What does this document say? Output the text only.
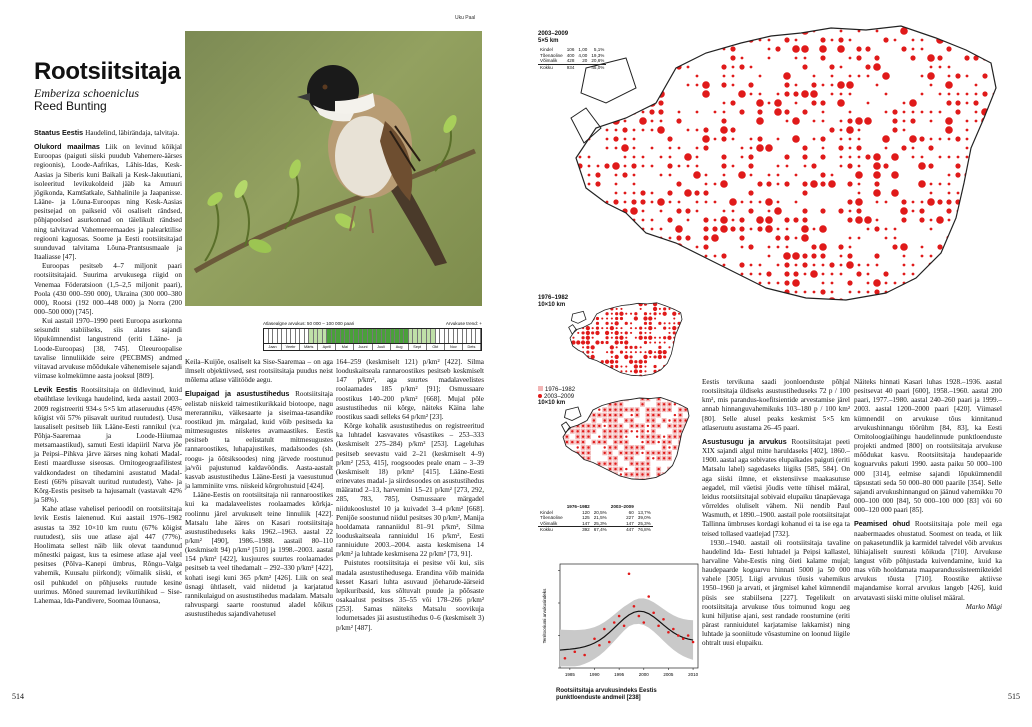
Uku Paal
Rootsiitsitaja
Emberiza schoeniclus
Reed Bunting
Atlasealgne arvukus: 50 000 – 100 000 paari	Arvukuse trend: +
Jaan	Veebr	Märts	Aprill	Mai	Juuni	Juuli	Aug	Sept	Okt	Nov	Dets

Staatus Eestis Haudelind, läbirändaja, talvitaja.

Olukord maailmas Liik on levinud kõikjal Euroopas (paiguti siiski puudub Vahemere-äärses regioonis), Loode-Aafrikas, Lähis-Idas, Kesk-Aasias ja Siberis kuni Baikali ja Kesk-Jakuutiani, isoleeritud levikukoldeid jääb ka Amuuri jõgikonda, Kamtšatkale, Sahhalinile ja Jaapanisse. Lääne- ja Lõuna-Euroopas ning Kesk-Aasias pesitsejad on paikseid või osaliselt rändsed, põhjapoolsed asurkonnad on täielikult rändsed ning talvitavad Vahemereemaades ja palearktilise regiooni kaguosas. Soome ja Eesti rootsiitsitajad suunduvad talvitama Lõuna-Prantsusmaale ja Itaaliasse [47].

Euroopas pesitseb 4–7 miljonit paari rootsiitsitajaid. Suurima arvukusega riigid on Venemaa Föderatsioon (1,5–2,5 miljonit paari), Poola (430 000–590 000), Ukraina (300 000–380 000), Rootsi (192 000–448 000) ja Norra (200 000–500 000) [745].

Kui aastail 1970–1990 peeti Euroopa asurkonna seisundit stabiilseks, siis alates sajandi lõpukümnendist langustrend (eriti Lääne- ja Loode-Euroopas) [38, 745]. Üleeuroopalise tavalise linnuliikide seire (PECBMS) andmed viitavad arvukuse mõõdukale vähenemisele sajandi viimase kolmekümne aasta jooksul [809].

Levik Eestis Rootsiitsitaja on üldlevinud, kuid ebaühtlase levikuga haudelind, keda aastail 2003–2009 registreeriti 934-s 5×5 km atlaseruudus (45% kõigist või 57% piisavalt uuritud ruutudest). Uusa lausaliselt pesitseb liik Lääne-Eesti rannikul (v.a. Põhja-Saaremaa ja Loode-Hiiumaa metsamaastikud), samuti Eesti idapiiril Narva jõe ja Peipsi–Pihkva järve äärses ning kohati Madal-Eesti maardlusse siseosas. Ornitogeograafilistest valdkondadest on tihedamini asustatud Madal-Eesti (66% piisavalt uuritud ruutudest), Vahe- ja Kõrg-Eestis pesitseb ta hajusamalt (vastavalt 42% ja 58%).

Kahe atlase vahelisel perioodil on rootsiitsitaja levik Eestis laienenud. Kui aastail 1976–1982 asustas ta 392 10×10 km ruutu (67% kõigist ruutudest), siis uue atlase ajal 447 (77%). Hoolimata sellest näib liik olevat taandunud mõnestki paigast, kus ta esimese atlase ajal veel pesitses (Põlva–Kanepi ümbrus, Rõngu–Valga vahemik, Kuusalu piirkond); võimalik siiski, et osil puhkudel on põhjuseks ruutude kesine uurimus. Mõned suuremad levikutühikud – Sise-Lahemaa, Ida-Pandivere, Soomaa lõunaosa,

Keila–Kuijõe, osaliselt ka Sise-Saaremaa – on aga ilmselt objektiivsed, sest rootsiitsitaja puudus neist mõlema atlase välitööde aegu.

Elupaigad ja asustustihedus Rootsiitsitaja eelistab niiskeid taimestikurikkaid biotoope, nagu mereranniku, väikesaarte ja siseimaa-tasandike roostikud jm. märgalad, kuid võib pesitseda ka mitmesugustes niisketes avamaastikes. Eestis pesitseb ta eelistatult mitmesugustes rannaroostikes, luhapajustikes, madalsoodes (sh. roogu- ja õõtsiksoodes) ning järvede roostunud ja/või pajustunud kaldavööndis. Aasta-aastalt kasvab asustustihedus Lääne-Eesti ja vaesustunud ja lamminiite vms. niiskeid kõrgrohustuid [424].

Lääne-Eestis on rootsiitsitaja nii rannaroostikes kui ka madalaveelistes roolaamades kõrkja-roolinnu järel arvukuselt teine linnuliik [422]. Matsalu lahe ääres on Kasari rootsiitsitaja asustustiheduseks kaks 1962.–1963. aastal 22 p/km² [490], 1986.–1988. aastail 80–110 (keskmiselt 94) p/km² [510] ja 1998.–2003. aastal 154 p/km² [422], kusjuures suurtes roolaamades pesitseb ta veel tihedamalt – 292–330 p/km² [422], kohati isegi kuni 365 p/km² [426]. Liik on seal üsnagi ühtlaselt, vaid niidetud ja karjatatud rannikulaigud on asustustihedus madalam. Matsalu rahvuspargi saarte roostunud aladel kõikus asustustihedus sajandivahetusel

164–259 (keskmiselt 121) p/km² [422]. Silma looduskaitseala rannaroostikes pesitseb keskmiselt 147 p/km², aga suurtes madalaveelistes roolaamades 185 p/km² [91]; Osmussaare roostikus 140–200 p/km² [668]. Mujal põle asustustihedus nii kõrge, näiteks Käina lahe roostikus saadi selleks 64 p/km² [23].

Kõrge kohalik asustustihedus on registreeritud ka luhtadel kasvavates võsastikes – 253–333 (keskmiselt 275–284) p/km² [253]. Lageluhas pesitseb seevastu vaid 2–21 (keskmiselt 4–9) p/km² [253, 415], roogsoodes peale enam – 3–39 (keskmiselt 18) p/km² [415]. Lääne-Eesti erinevates madal- ja siirdesoodes on asustustihedus määratud 2–13, harvemini 15–21 p/km² [273, 292, 285, 783, 785], Osmussaare märgadel niidukooslustel 10 ja kuivadel 3–4 p/km² [668]. Penijõe soostunud niidul pesitses 30 p/km², Manija hooldamata rannaniidul 81–91 p/km², Silma looduskaitseala ranniuidul 16 p/km², Eesti ranniuidute 2003.–2004. aasta keskmisena 14 p/km² ja luhtade keskmisena 22 p/km² [73, 91].

Puistutes rootsiitsitaja ei pesitse või kui, siis madala asustustihedusega. Erandina võib mainida kesset Kasari luhta asuvaud jõeharude-äärseid lepikuribasid, kus sõltuvalt puude ja põõsaste osakaalust pesitses 35–55 või 178–266 p/km² [253]. Samas näiteks Matsalu soovikuja lodumetsades jäi asustustihedus 0–6 (keskmiselt 3) p/km² [487].

514
2003–2009
5×5 km
Kindel	106	1,00	5,1%
Tõenäoline	400	4,00	19,3%
Võimalik	428	20	20,6%
Kokku	934		45,0%
1976–1982
10×10 km
1976–1982
2003–2009
10×10 km
	1976–1982		2003–2009	
Kindel	120	20,5%	60	13,7%
Tõenäoline	125	21,5%	227	39,0%
Võimalik	147	25,3%	147	25,3%
Kokku	392	67,4%	447	76,8%
1985	1990	1995	2000	2005	2010
Territooriumi arvukusindeks
Rootsiitsitaja arvukusindeks Eestis punktloenduste andmeil [238]

Eestis tervikuna saadi joonloenduste põhjal rootsiitsitaja üldiseks asustustiheduseks 72 p / 100 km², mis parandus-koefitsientide arvestamise järel annab hinnanguvahemikuks 103–180 p / 100 km² [80]. Selle alusel peaks keskmist 5×5 km atlaseruutu asustama 26–45 paari.

Asustusugu ja arvukus Rootsiitsitajat peeti XIX sajandi algul mitte haruldaseks [402], 1860.–1900. aastal aga sobivates elupaikades paiguti (eriti Matsalu lahel) sagedaseks liigiks [585, 584]. On aga siiski ilmne, et ekstensiivse maakasutuse aegadel, mil väetisi jõudis vette tühisel määral, leidus rootsiitsitajal sobivaid elupaiku tänapäevaga võrreldes oluliselt vähem. Nii nendib Paul Wasmuth, et 1890.–1900. aastail pole rootsiitsitajat Tallinna ümbruses kordagi kohanud ei ta ise ega ta teised tollased vaatlejad [732].

1930.–1940. aastail oli rootsiitsitaja tavaline haudelind Ida- Eesti luhtadel ja Peipsi kallastel, harvaline Vahe-Eestis ning õieti kalame mujal; haudepaarde koguarvu hinnati 5000 ja 50 000 vahele [305]. Liigi arvukus tõusis vahemikus 1950–1960 ja arvati, et järgmisel kahel kümnendil püsis see stabiilsena [227]. Tegelikult on rootsiitsitaja arvukuse tõus toimunud kogu aeg kuni hiljutise ajani, sest randade roostumine (eriti pärast ranniuidutel karjatamise lakkamist) ning luhtade ja sooniitude võsastumine on loonud liigile ohtralt uusi elupaiku.

Näiteks hinnati Kasari luhas 1928.–1936. aastal pesitsevat 40 paari [600], 1958.–1960. aastal 200 paari, 1977.–1980. aastal 240–260 paari ja 1999.–2003. aastal 1200–2000 paari [420]. Viimasel kümnendil on arvukuse tõus kinnitanud arvukushinnangu töörühm [84, 83], ka Eesti Ornitoloogiaühingu haudelinnude punktloenduste projekti andmed [800] on rootsiitsitaja arvukuse mõõdukat kasvu. Rootsiitsitaja haudepaaride koguarvuks pakuti 1990. aasta paiku 50 000–100 000 [314], eelmise sajandi lõpukümnendil täpsustati seda 50 000–80 000 paarile [354]. Selle sajandi arvukushinnangud on jäänud vahemikku 70 000–100 000 [84], 50 000–100 000 [83] või 60 000–120 000 paari [85].

Peamised ohud Rootsiitsitaja pole meil ega naabermaades ohustatud. Soomest on teada, et liik on pakasetundlik ja karmidel talvedel võib arvukus lühiajaliselt suuresti kõikuda [710]. Arvukuse langust võib põhjustada kuivendamine, kuid ka mas võib hooldamata maaparandussüsteemikteidel arvukus tõusta [710]. Roostike aktiivse majandamise korral arvukus langeb [426], kuid arvatavasti siiski mitte olulisel määral.

Marko Mägi

515
